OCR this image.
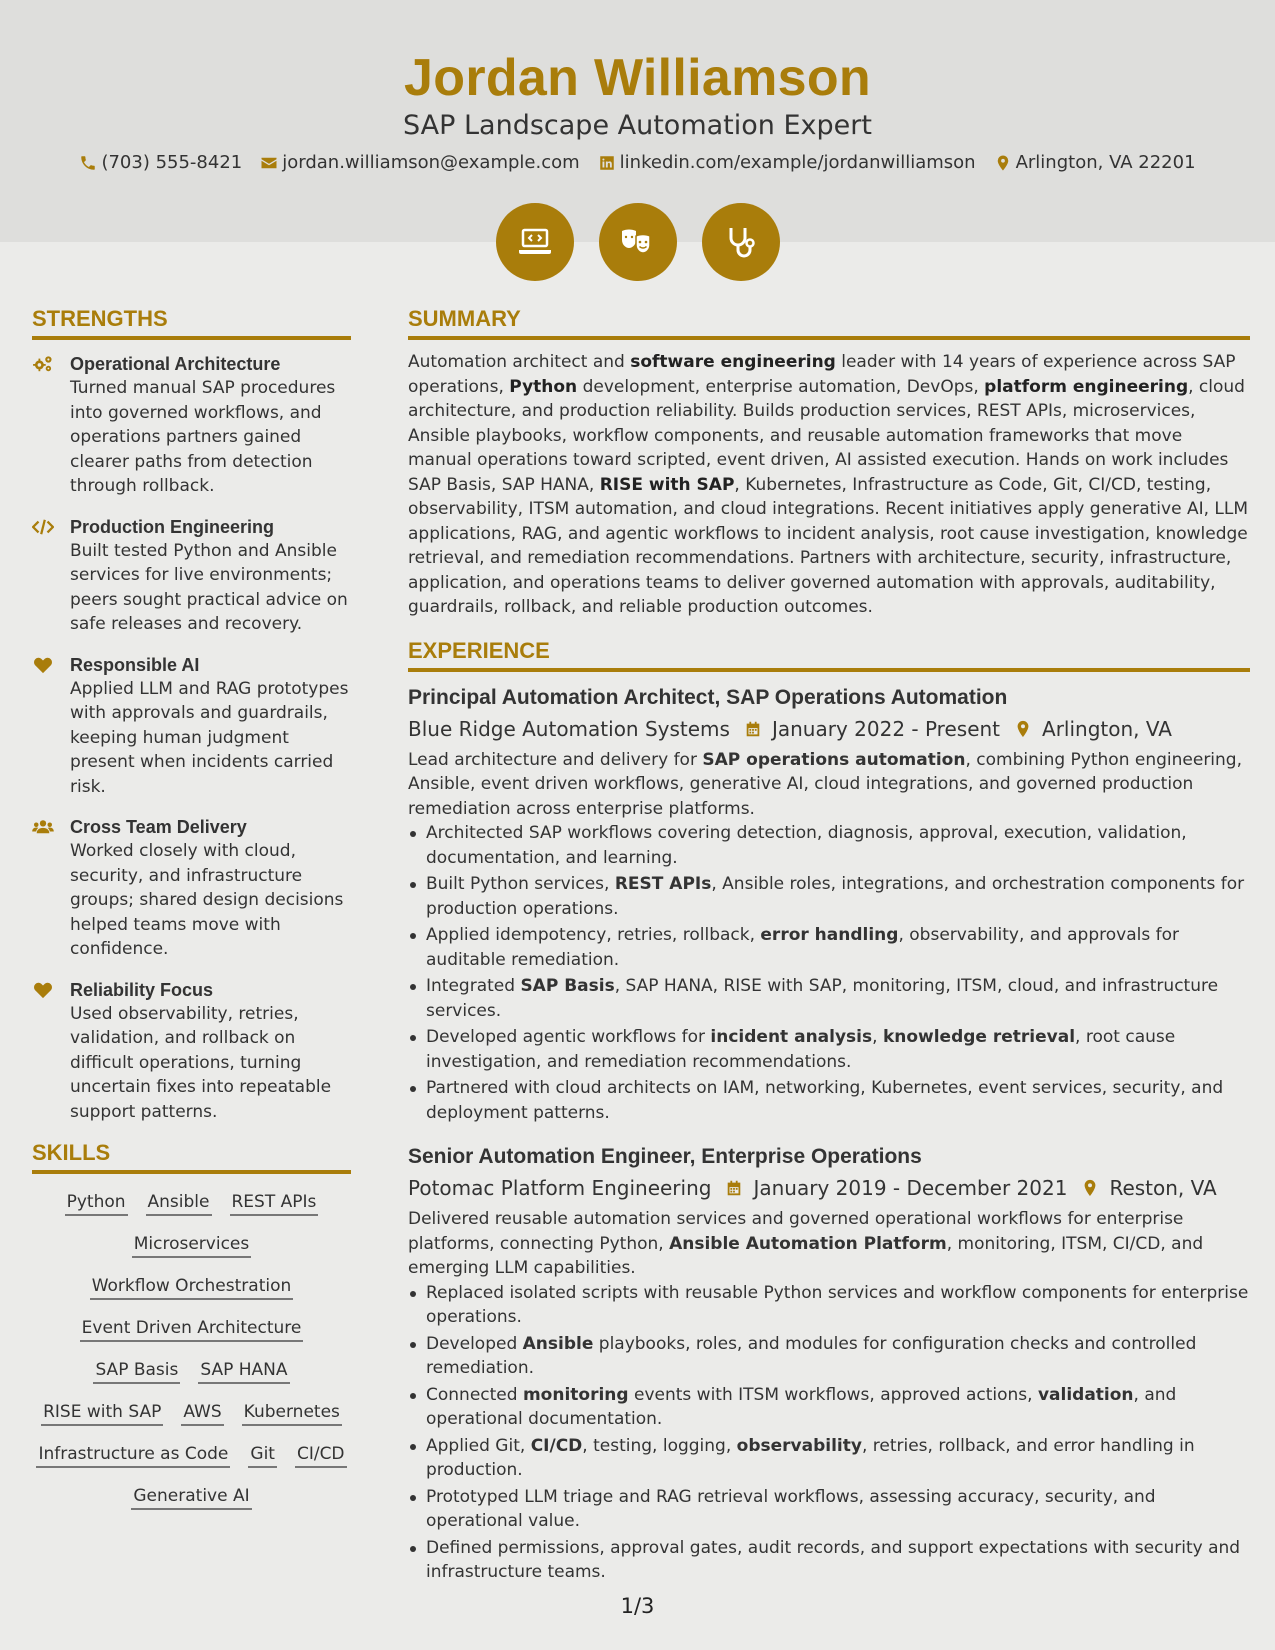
Jordan Williamson
SAP Landscape Automation Expert
(703) 555-8421 jordan.williamson@example.com linkedin.com/example/jordanwilliamson Arlington, VA 22201
STRENGTHS
Operational Architecture
Turned manual SAP procedures into governed workflows, and operations partners gained clearer paths from detection through rollback.
Production Engineering
Built tested Python and Ansible services for live environments; peers sought practical advice on safe releases and recovery.
Responsible AI
Applied LLM and RAG prototypes with approvals and guardrails, keeping human judgment present when incidents carried risk.
Cross Team Delivery
Worked closely with cloud, security, and infrastructure groups; shared design decisions helped teams move with confidence.
Reliability Focus
Used observability, retries, validation, and rollback on difficult operations, turning uncertain fixes into repeatable support patterns.
SKILLS
Python Ansible REST APIs
Microservices
Workflow Orchestration
Event Driven Architecture
SAP Basis SAP HANA
RISE with SAP AWS Kubernetes
Infrastructure as Code Git CI/CD
Generative AI
SUMMARY

Automation architect and software engineering leader with 14 years of experience across SAP operations, Python development, enterprise automation, DevOps, platform engineering, cloud architecture, and production reliability. Builds production services, REST APIs, microservices, Ansible playbooks, workflow components, and reusable automation frameworks that move manual operations toward scripted, event driven, AI assisted execution. Hands on work includes SAP Basis, SAP HANA, RISE with SAP, Kubernetes, Infrastructure as Code, Git, CI/CD, testing, observability, ITSM automation, and cloud integrations. Recent initiatives apply generative AI, LLM applications, RAG, and agentic workflows to incident analysis, root cause investigation, knowledge retrieval, and remediation recommendations. Partners with architecture, security, infrastructure, application, and operations teams to deliver governed automation with approvals, auditability, guardrails, rollback, and reliable production outcomes.

EXPERIENCE
Principal Automation Architect, SAP Operations Automation
Blue Ridge Automation Systems January 2022 - Present Arlington, VA

Lead architecture and delivery for SAP operations automation, combining Python engineering, Ansible, event driven workflows, generative AI, cloud integrations, and governed production remediation across enterprise platforms.

Architected SAP workflows covering detection, diagnosis, approval, execution, validation, documentation, and learning.
Built Python services, REST APIs, Ansible roles, integrations, and orchestration components for production operations.
Applied idempotency, retries, rollback, error handling, observability, and approvals for auditable remediation.
Integrated SAP Basis, SAP HANA, RISE with SAP, monitoring, ITSM, cloud, and infrastructure services.
Developed agentic workflows for incident analysis, knowledge retrieval, root cause investigation, and remediation recommendations.
Partnered with cloud architects on IAM, networking, Kubernetes, event services, security, and deployment patterns.
Senior Automation Engineer, Enterprise Operations
Potomac Platform Engineering January 2019 - December 2021 Reston, VA

Delivered reusable automation services and governed operational workflows for enterprise platforms, connecting Python, Ansible Automation Platform, monitoring, ITSM, CI/CD, and emerging LLM capabilities.

Replaced isolated scripts with reusable Python services and workflow components for enterprise operations.
Developed Ansible playbooks, roles, and modules for configuration checks and controlled remediation.
Connected monitoring events with ITSM workflows, approved actions, validation, and operational documentation.
Applied Git, CI/CD, testing, logging, observability, retries, rollback, and error handling in production.
Prototyped LLM triage and RAG retrieval workflows, assessing accuracy, security, and operational value.
Defined permissions, approval gates, audit records, and support expectations with security and infrastructure teams.
1/3
